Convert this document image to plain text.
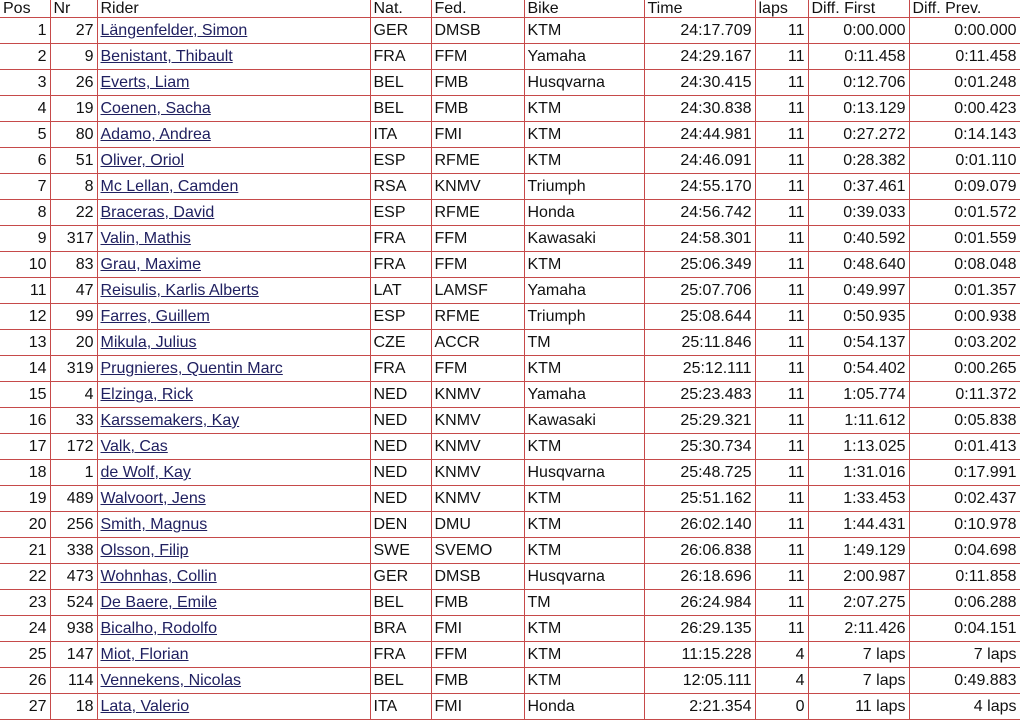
Pos	Nr	Rider	Nat.	Fed.	Bike	Time	laps	Diff. First	Diff. Prev.
1	27	Längenfelder, Simon	GER	DMSB	KTM	24:17.709	11	0:00.000	0:00.000
2	9	Benistant, Thibault	FRA	FFM	Yamaha	24:29.167	11	0:11.458	0:11.458
3	26	Everts, Liam	BEL	FMB	Husqvarna	24:30.415	11	0:12.706	0:01.248
4	19	Coenen, Sacha	BEL	FMB	KTM	24:30.838	11	0:13.129	0:00.423
5	80	Adamo, Andrea	ITA	FMI	KTM	24:44.981	11	0:27.272	0:14.143
6	51	Oliver, Oriol	ESP	RFME	KTM	24:46.091	11	0:28.382	0:01.110
7	8	Mc Lellan, Camden	RSA	KNMV	Triumph	24:55.170	11	0:37.461	0:09.079
8	22	Braceras, David	ESP	RFME	Honda	24:56.742	11	0:39.033	0:01.572
9	317	Valin, Mathis	FRA	FFM	Kawasaki	24:58.301	11	0:40.592	0:01.559
10	83	Grau, Maxime	FRA	FFM	KTM	25:06.349	11	0:48.640	0:08.048
11	47	Reisulis, Karlis Alberts	LAT	LAMSF	Yamaha	25:07.706	11	0:49.997	0:01.357
12	99	Farres, Guillem	ESP	RFME	Triumph	25:08.644	11	0:50.935	0:00.938
13	20	Mikula, Julius	CZE	ACCR	TM	25:11.846	11	0:54.137	0:03.202
14	319	Prugnieres, Quentin Marc	FRA	FFM	KTM	25:12.111	11	0:54.402	0:00.265
15	4	Elzinga, Rick	NED	KNMV	Yamaha	25:23.483	11	1:05.774	0:11.372
16	33	Karssemakers, Kay	NED	KNMV	Kawasaki	25:29.321	11	1:11.612	0:05.838
17	172	Valk, Cas	NED	KNMV	KTM	25:30.734	11	1:13.025	0:01.413
18	1	de Wolf, Kay	NED	KNMV	Husqvarna	25:48.725	11	1:31.016	0:17.991
19	489	Walvoort, Jens	NED	KNMV	KTM	25:51.162	11	1:33.453	0:02.437
20	256	Smith, Magnus	DEN	DMU	KTM	26:02.140	11	1:44.431	0:10.978
21	338	Olsson, Filip	SWE	SVEMO	KTM	26:06.838	11	1:49.129	0:04.698
22	473	Wohnhas, Collin	GER	DMSB	Husqvarna	26:18.696	11	2:00.987	0:11.858
23	524	De Baere, Emile	BEL	FMB	TM	26:24.984	11	2:07.275	0:06.288
24	938	Bicalho, Rodolfo	BRA	FMI	KTM	26:29.135	11	2:11.426	0:04.151
25	147	Miot, Florian	FRA	FFM	KTM	11:15.228	4	7 laps	7 laps
26	114	Vennekens, Nicolas	BEL	FMB	KTM	12:05.111	4	7 laps	0:49.883
27	18	Lata, Valerio	ITA	FMI	Honda	2:21.354	0	11 laps	4 laps
